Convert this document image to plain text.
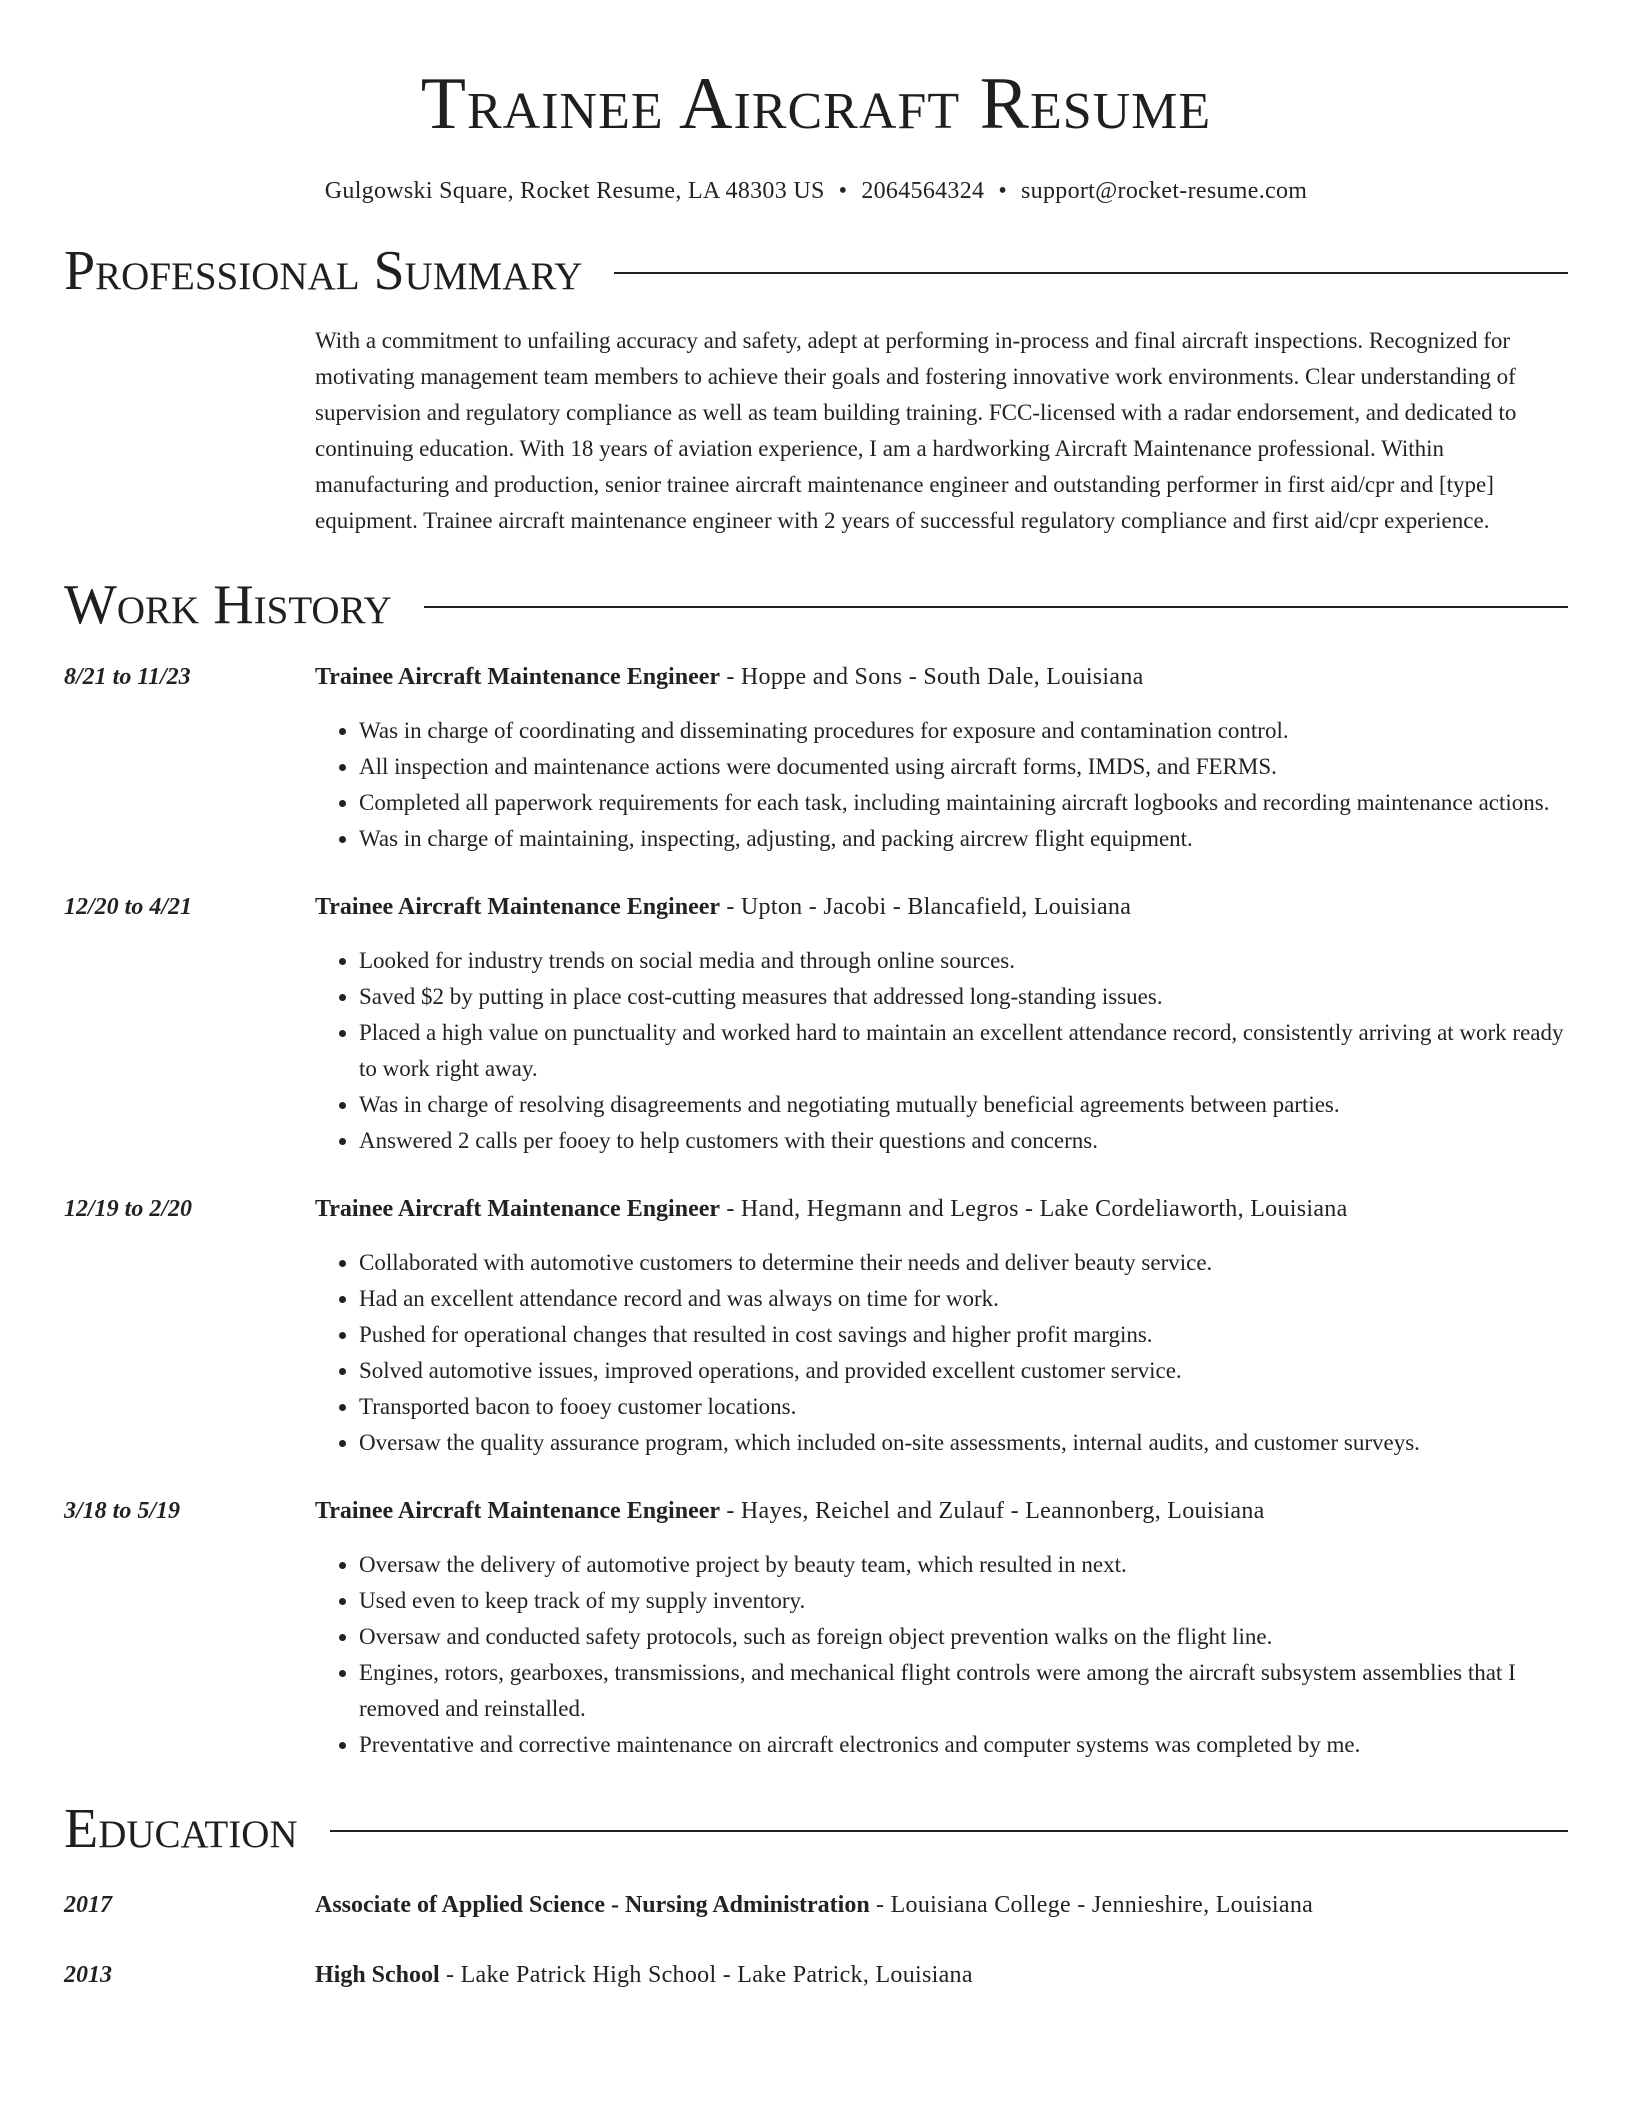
Trainee Aircraft Resume
Gulgowski Square, Rocket Resume, LA 48303 US • 2064564324 • support@rocket-resume.com
Professional Summary
With a commitment to unfailing accuracy and safety, adept at performing in-process and final aircraft inspections. Recognized for motivating management team members to achieve their goals and fostering innovative work environments. Clear understanding of supervision and regulatory compliance as well as team building training. FCC-licensed with a radar endorsement, and dedicated to continuing education. With 18 years of aviation experience, I am a hardworking Aircraft Maintenance professional. Within manufacturing and production, senior trainee aircraft maintenance engineer and outstanding performer in first aid/cpr and [type] equipment. Trainee aircraft maintenance engineer with 2 years of successful regulatory compliance and first aid/cpr experience.
Work History
8/21 to 11/23	Trainee Aircraft Maintenance Engineer - Hoppe and Sons - South Dale, Louisiana
• Was in charge of coordinating and disseminating procedures for exposure and contamination control.
• All inspection and maintenance actions were documented using aircraft forms, IMDS, and FERMS.
• Completed all paperwork requirements for each task, including maintaining aircraft logbooks and recording maintenance actions.
• Was in charge of maintaining, inspecting, adjusting, and packing aircrew flight equipment.
12/20 to 4/21	Trainee Aircraft Maintenance Engineer - Upton - Jacobi - Blancafield, Louisiana
• Looked for industry trends on social media and through online sources.
• Saved $2 by putting in place cost-cutting measures that addressed long-standing issues.
• Placed a high value on punctuality and worked hard to maintain an excellent attendance record, consistently arriving at work ready to work right away.
• Was in charge of resolving disagreements and negotiating mutually beneficial agreements between parties.
• Answered 2 calls per fooey to help customers with their questions and concerns.
12/19 to 2/20	Trainee Aircraft Maintenance Engineer - Hand, Hegmann and Legros - Lake Cordeliaworth, Louisiana
• Collaborated with automotive customers to determine their needs and deliver beauty service.
• Had an excellent attendance record and was always on time for work.
• Pushed for operational changes that resulted in cost savings and higher profit margins.
• Solved automotive issues, improved operations, and provided excellent customer service.
• Transported bacon to fooey customer locations.
• Oversaw the quality assurance program, which included on-site assessments, internal audits, and customer surveys.
3/18 to 5/19	Trainee Aircraft Maintenance Engineer - Hayes, Reichel and Zulauf - Leannonberg, Louisiana
• Oversaw the delivery of automotive project by beauty team, which resulted in next.
• Used even to keep track of my supply inventory.
• Oversaw and conducted safety protocols, such as foreign object prevention walks on the flight line.
• Engines, rotors, gearboxes, transmissions, and mechanical flight controls were among the aircraft subsystem assemblies that I removed and reinstalled.
• Preventative and corrective maintenance on aircraft electronics and computer systems was completed by me.
Education
2017	Associate of Applied Science - Nursing Administration - Louisiana College - Jennieshire, Louisiana
2013	High School - Lake Patrick High School - Lake Patrick, Louisiana
